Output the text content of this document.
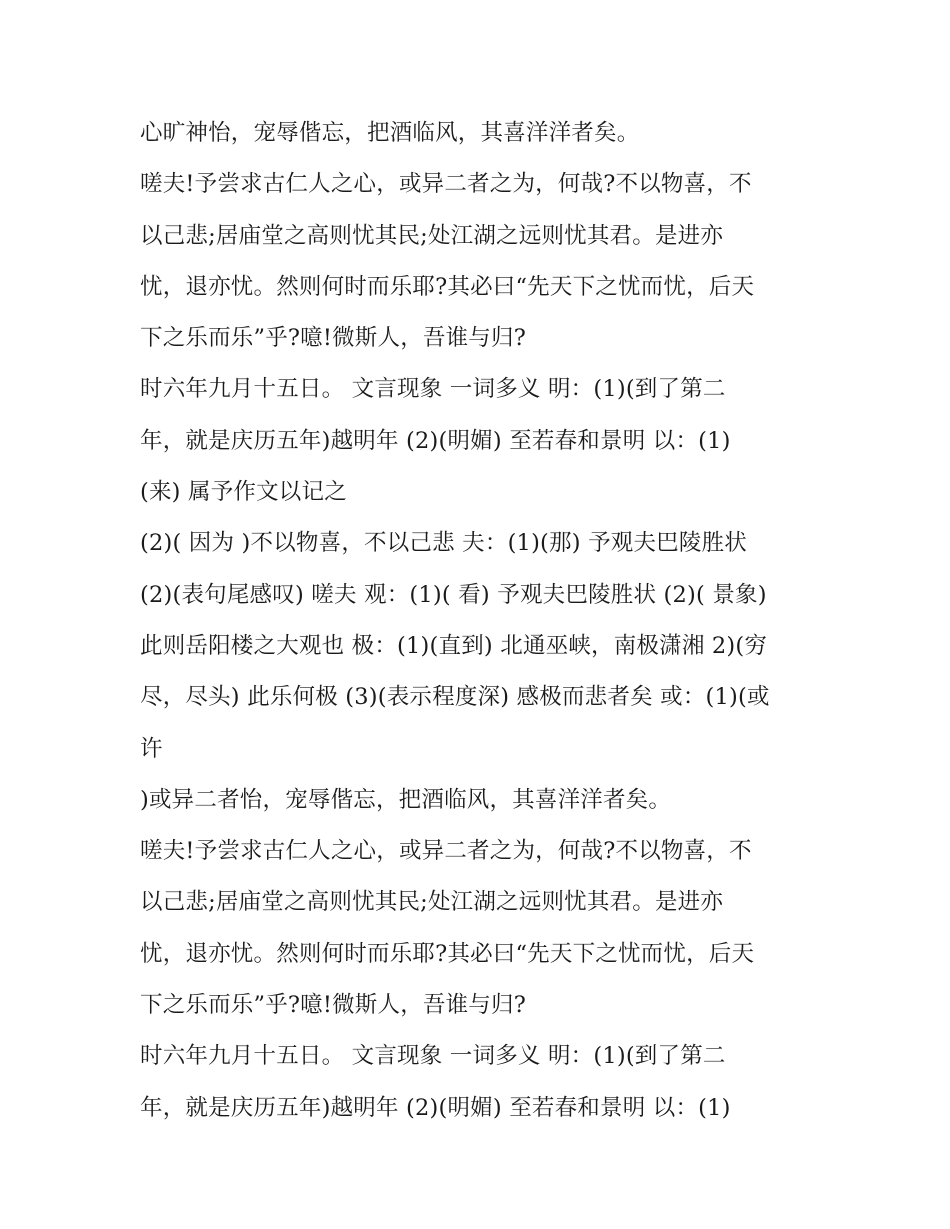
心旷神怡，宠辱偕忘，把酒临风，其喜洋洋者矣。
嗟夫!予尝求古仁人之心，或异二者之为，何哉?不以物喜，不
以己悲;居庙堂之高则忧其民;处江湖之远则忧其君。是进亦
忧，退亦忧。然则何时而乐耶?其必曰“先天下之忧而忧，后天
下之乐而乐”乎?噫!微斯人，吾谁与归?
时六年九月十五日。 文言现象 一词多义 明：(1)(到了第二
年，就是庆历五年)越明年 (2)(明媚) 至若春和景明 以：(1)
(来) 属予作文以记之
(2)( 因为 )不以物喜，不以己悲 夫：(1)(那) 予观夫巴陵胜状
(2)(表句尾感叹) 嗟夫 观：(1)( 看) 予观夫巴陵胜状 (2)( 景象)
此则岳阳楼之大观也 极：(1)(直到) 北通巫峡，南极潇湘 2)(穷
尽，尽头) 此乐何极 (3)(表示程度深) 感极而悲者矣 或：(1)(或
许
)或异二者怡，宠辱偕忘，把酒临风，其喜洋洋者矣。
嗟夫!予尝求古仁人之心，或异二者之为，何哉?不以物喜，不
以己悲;居庙堂之高则忧其民;处江湖之远则忧其君。是进亦
忧，退亦忧。然则何时而乐耶?其必曰“先天下之忧而忧，后天
下之乐而乐”乎?噫!微斯人，吾谁与归?
时六年九月十五日。 文言现象 一词多义 明：(1)(到了第二
年，就是庆历五年)越明年 (2)(明媚) 至若春和景明 以：(1)
